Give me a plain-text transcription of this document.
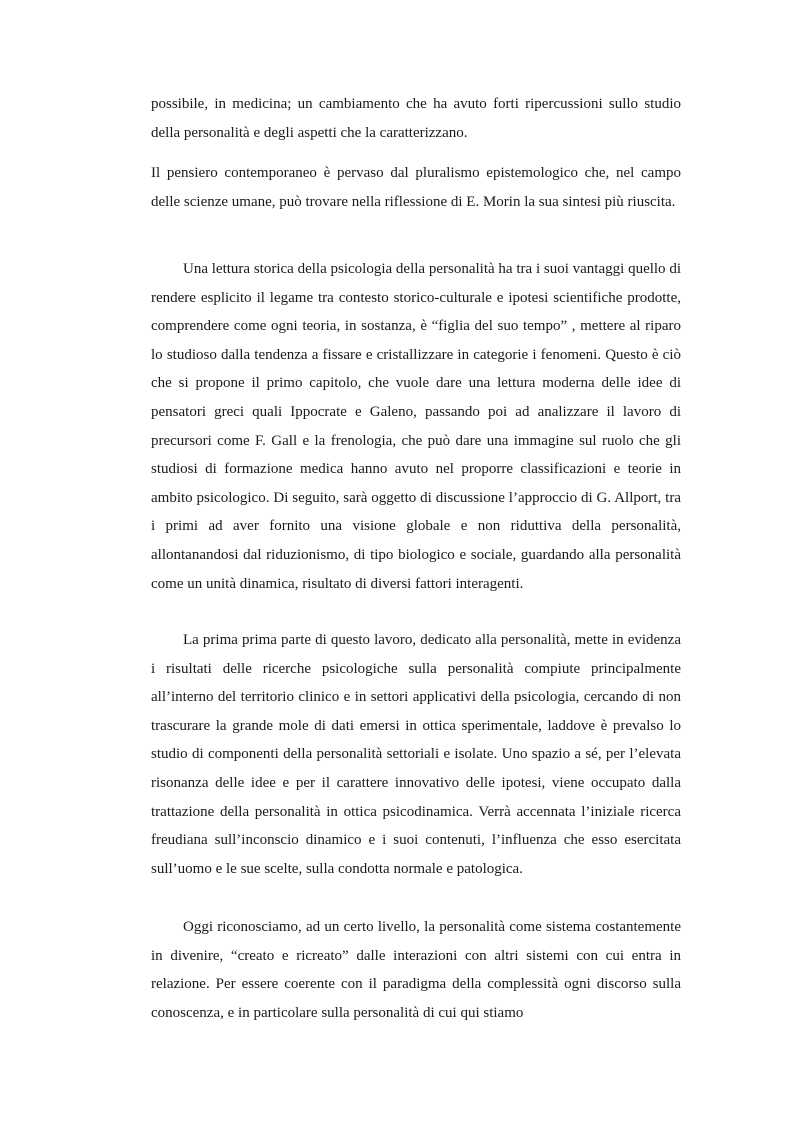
possibile, in medicina; un cambiamento che ha avuto forti ripercussioni sullo studio della personalità e degli aspetti che la caratterizzano.

Il pensiero contemporaneo è pervaso dal pluralismo epistemologico che, nel campo delle scienze umane, può trovare nella riflessione di E. Morin la sua sintesi più riuscita.

Una lettura storica della psicologia della personalità ha tra i suoi vantaggi quello di rendere esplicito il legame tra contesto storico-culturale e ipotesi scientifiche prodotte, comprendere come ogni teoria, in sostanza, è “figlia del suo tempo” , mettere al riparo lo studioso dalla tendenza a fissare e cristallizzare in categorie i fenomeni. Questo è ciò che si propone il primo capitolo, che vuole dare una lettura moderna delle idee di pensatori greci quali Ippocrate e Galeno, passando poi ad analizzare il lavoro di precursori come F. Gall e la frenologia, che può dare una immagine sul ruolo che gli studiosi di formazione medica hanno avuto nel proporre classificazioni e teorie in ambito psicologico. Di seguito, sarà oggetto di discussione l’approccio di G. Allport, tra i primi ad aver fornito una visione globale e non riduttiva della personalità, allontanandosi dal riduzionismo, di tipo biologico e sociale, guardando alla personalità come un unità dinamica, risultato di diversi fattori interagenti.

La prima prima parte di questo lavoro, dedicato alla personalità, mette in evidenza i risultati delle ricerche psicologiche sulla personalità compiute principalmente all’interno del territorio clinico e in settori applicativi della psicologia, cercando di non trascurare la grande mole di dati emersi in ottica sperimentale, laddove è prevalso lo studio di componenti della personalità settoriali e isolate. Uno spazio a sé, per l’elevata risonanza delle idee e per il carattere innovativo delle ipotesi, viene occupato dalla trattazione della personalità in ottica psicodinamica. Verrà accennata l’iniziale ricerca freudiana sull’inconscio dinamico e i suoi contenuti, l’influenza che esso esercitata sull’uomo e le sue scelte, sulla condotta normale e patologica.

Oggi riconosciamo, ad un certo livello, la personalità come sistema costantemente in divenire, “creato e ricreato” dalle interazioni con altri sistemi con cui entra in relazione. Per essere coerente con il paradigma della complessità ogni discorso sulla conoscenza, e in particolare sulla personalità di cui qui stiamo
